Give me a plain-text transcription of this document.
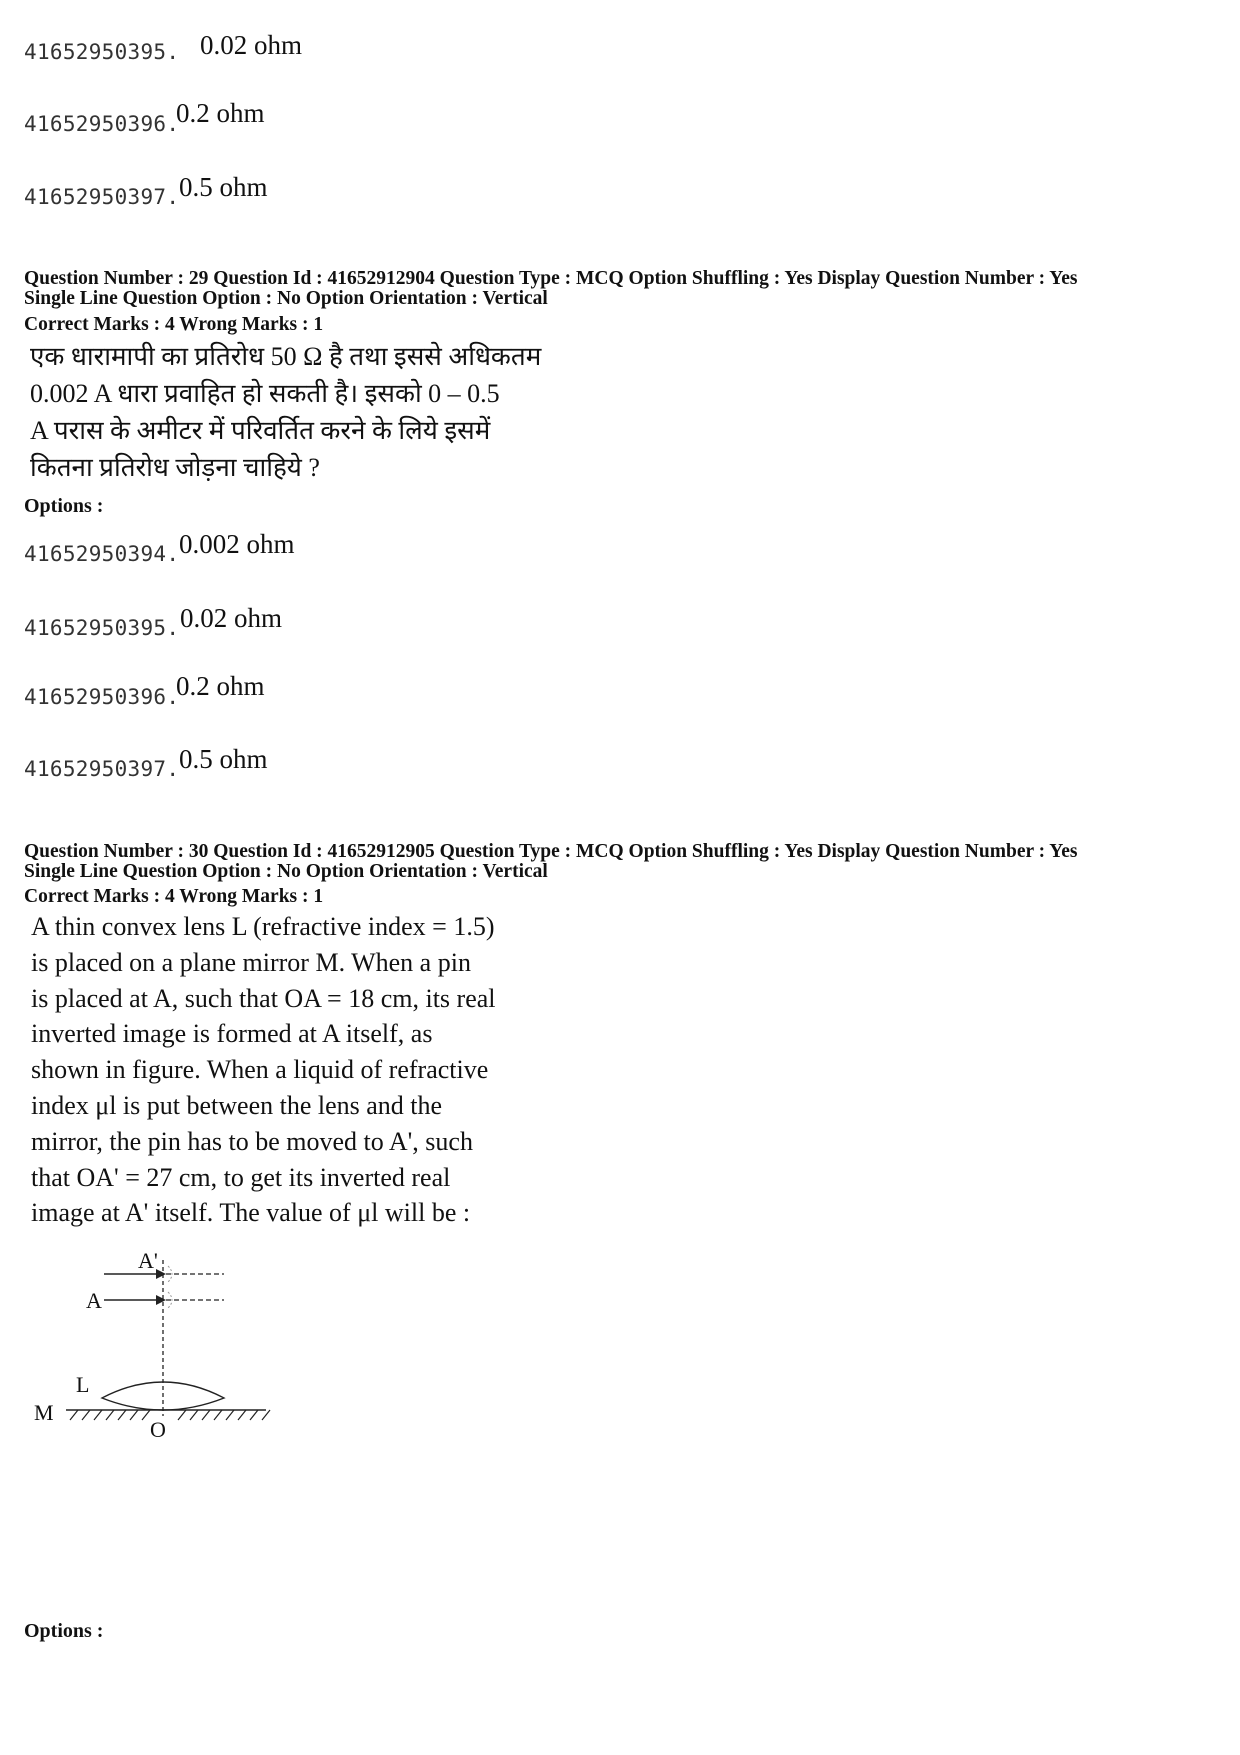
41652950395. 0.02 ohm
41652950396.
0.2 ohm
41652950397. 0.5 ohm
Question Number : 29 Question Id : 41652912904 Question Type : MCQ Option Shuffling : Yes Display Question Number : Yes
Single Line Question Option : No Option Orientation : Vertical
Correct Marks : 4 Wrong Marks : 1
एक धारामापी का प्रतिरोध 50 Ω है तथा इससे अधिकतम
0.002 A धारा प्रवाहित हो सकती है। इसको 0 – 0.5
A परास के अमीटर में परिवर्तित करने के लिये इसमें
कितना प्रतिरोध जोड़ना चाहिये ?
Options :
41652950394. 0.002 ohm
41652950395. 0.02 ohm
41652950396.
0.2 ohm
41652950397. 0.5 ohm
Question Number : 30 Question Id : 41652912905 Question Type : MCQ Option Shuffling : Yes Display Question Number : Yes
Single Line Question Option : No Option Orientation : Vertical
Correct Marks : 4 Wrong Marks : 1
A thin convex lens L (refractive index = 1.5)
is placed on a plane mirror M. When a pin
is placed at A, such that OA = 18 cm, its real
inverted image is formed at A itself, as
shown in figure. When a liquid of refractive
index μl is put between the lens and the
mirror, the pin has to be moved to A', such
that OA' = 27 cm, to get its inverted real
image at A' itself. The value of μl will be :
A'
A
L
M
O
Options :
